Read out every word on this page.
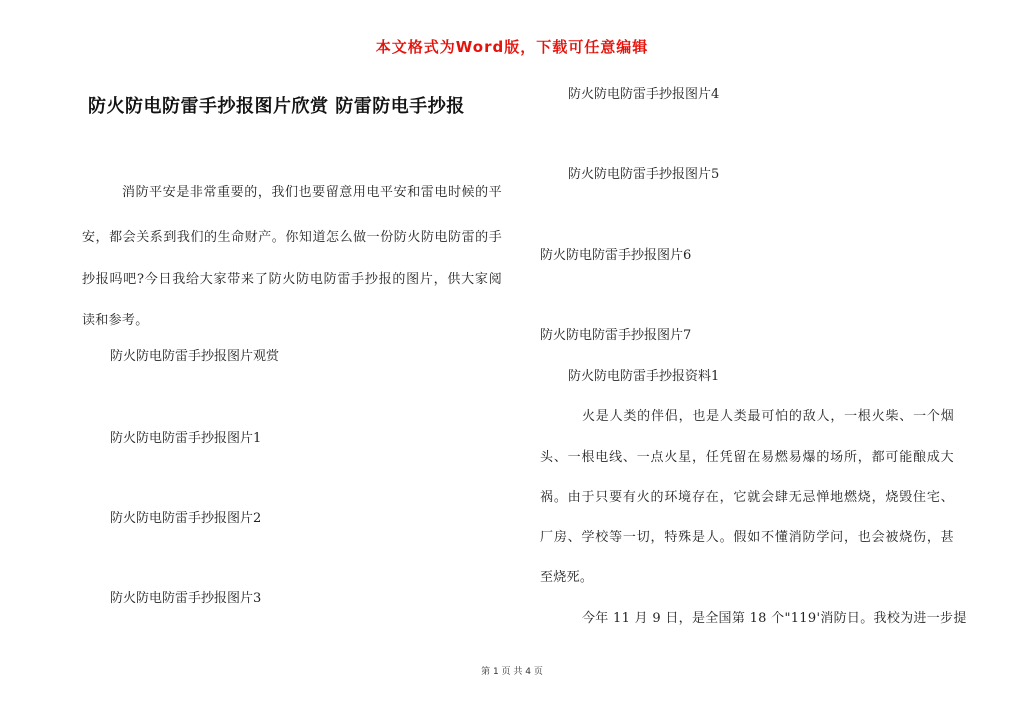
本文格式为Word版，下载可任意编辑
防火防电防雷手抄报图片欣赏 防雷防电手抄报
消防平安是非常重要的，我们也要留意用电平安和雷电时候的平
安，都会关系到我们的生命财产。你知道怎么做一份防火防电防雷的手
抄报吗吧?今日我给大家带来了防火防电防雷手抄报的图片，供大家阅
读和参考。
防火防电防雷手抄报图片观赏
防火防电防雷手抄报图片1
防火防电防雷手抄报图片2
防火防电防雷手抄报图片3
防火防电防雷手抄报图片4
防火防电防雷手抄报图片5
防火防电防雷手抄报图片6
防火防电防雷手抄报图片7
防火防电防雷手抄报资料1
火是人类的伴侣，也是人类最可怕的敌人，一根火柴、一个烟
头、一根电线、一点火星，任凭留在易燃易爆的场所，都可能酿成大
祸。由于只要有火的环境存在，它就会肆无忌惮地燃烧，烧毁住宅、
厂房、学校等一切，特殊是人。假如不懂消防学问，也会被烧伤，甚
至烧死。
今年 11 月 9 日，是全国第 18 个"119'消防日。我校为进一步提
第 1 页 共 4 页
